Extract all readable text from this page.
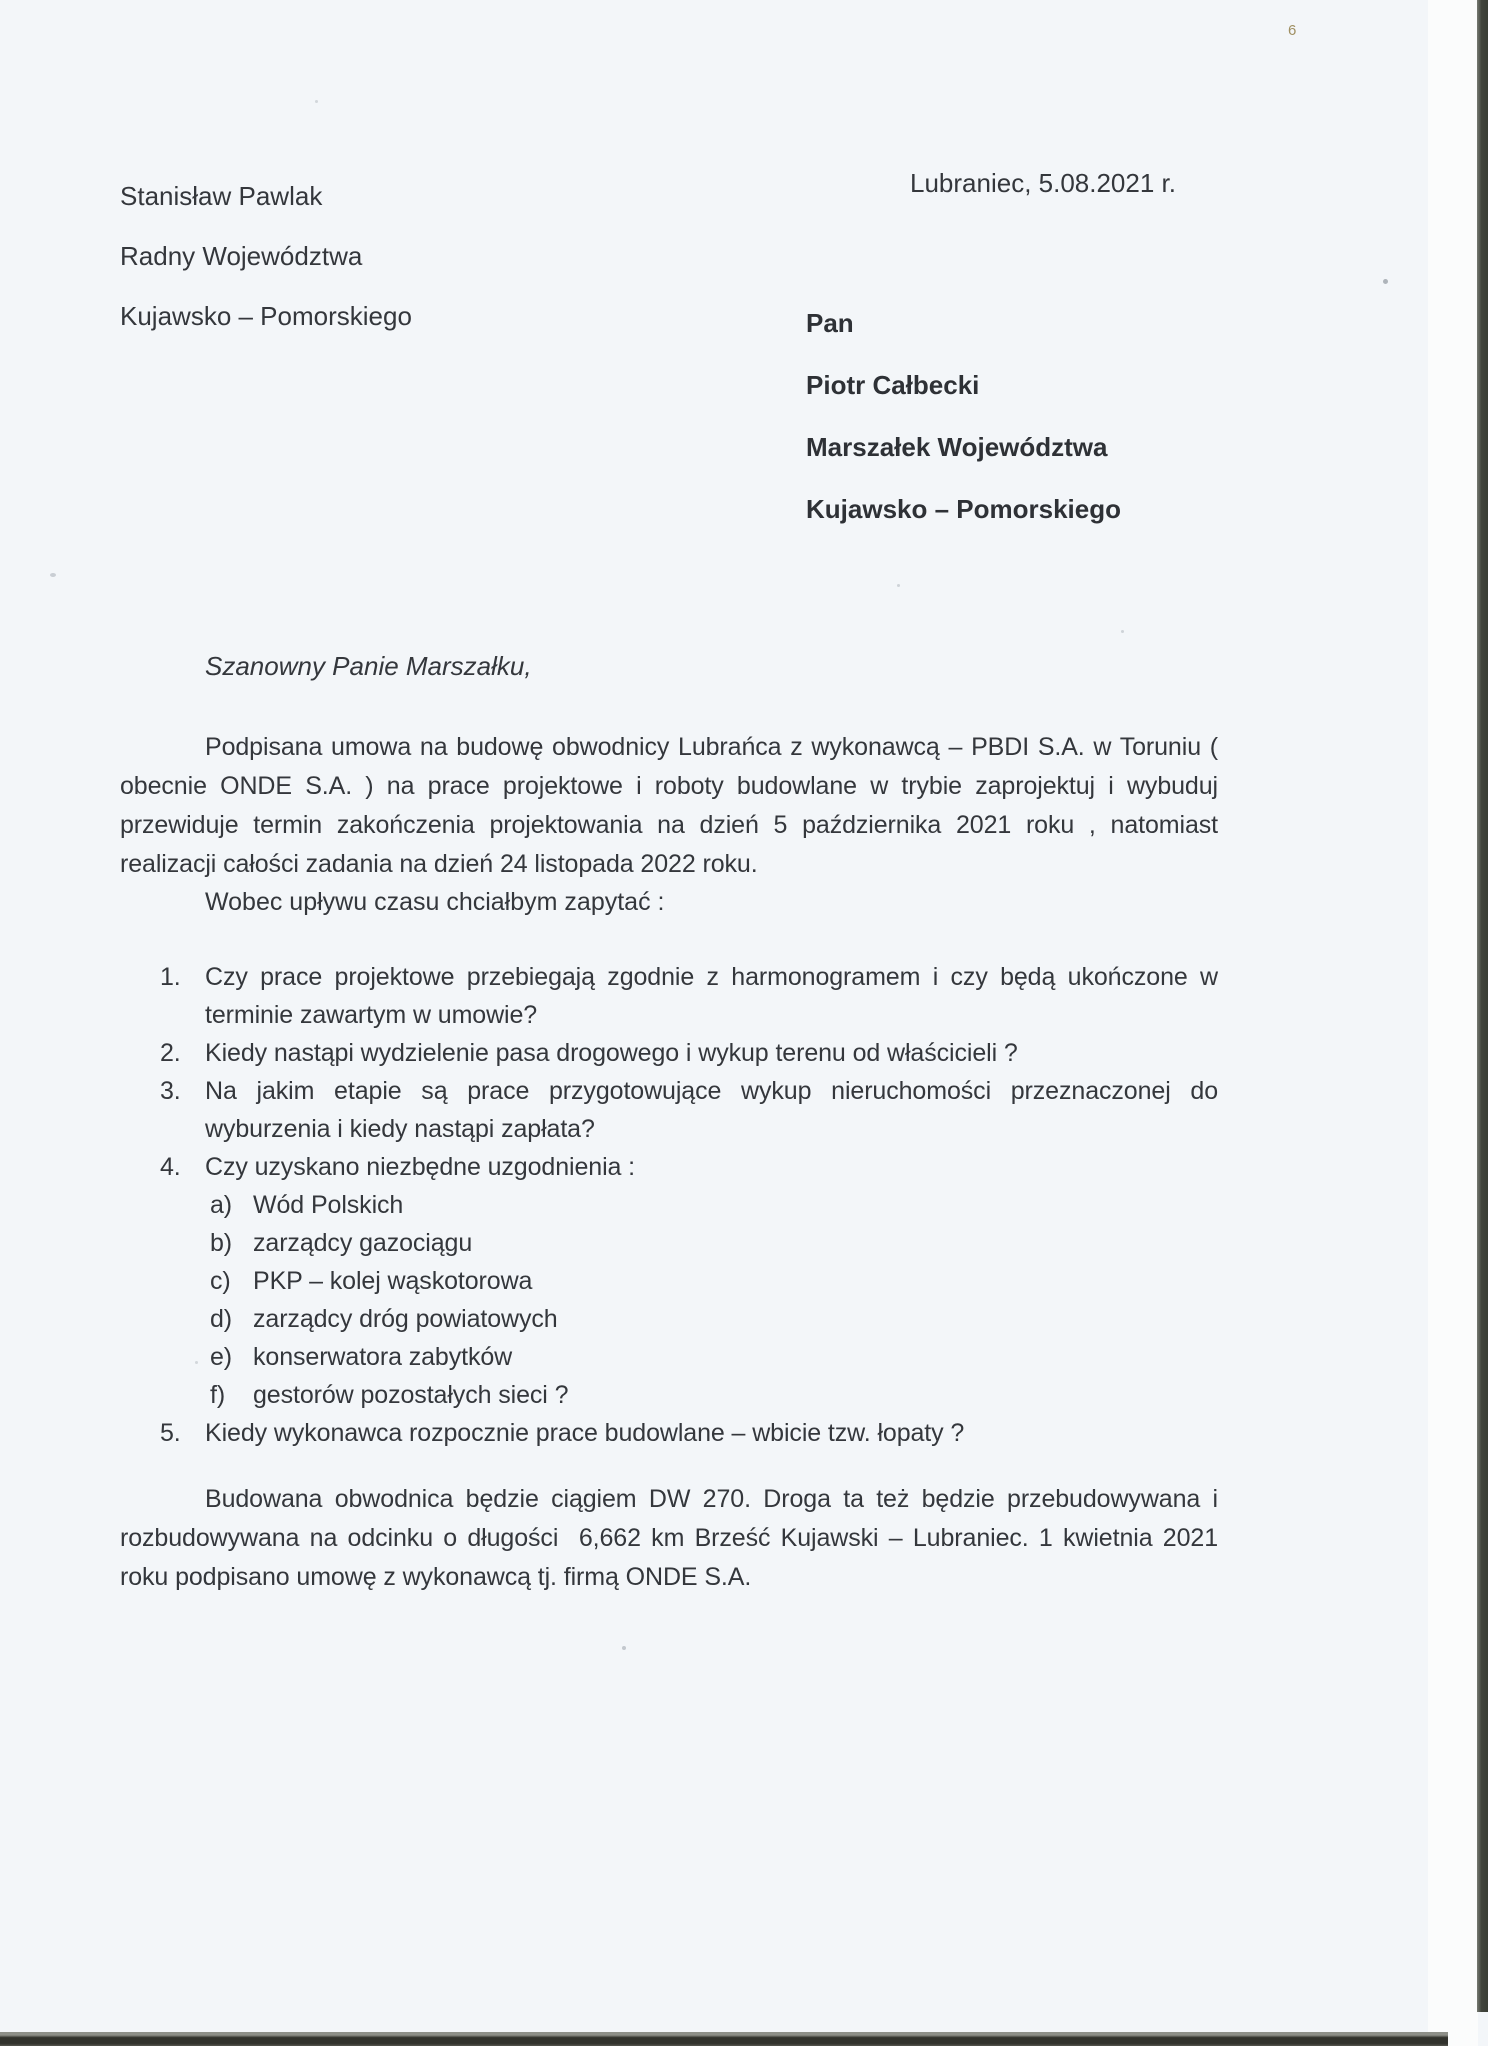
Stanisław Pawlak
Radny Województwa
Kujawsko – Pomorskiego
Lubraniec, 5.08.2021 r.
Pan
Piotr Całbecki
Marszałek Województwa
Kujawsko – Pomorskiego
Szanowny Panie Marszałku,
Podpisana umowa na budowę obwodnicy Lubrańca z wykonawcą – PBDI S.A. w Toruniu ( obecnie ONDE S.A. ) na prace projektowe i roboty budowlane w trybie zaprojektuj i wybuduj przewiduje termin zakończenia projektowania na dzień 5 października 2021 roku , natomiast realizacji całości zadania na dzień 24 listopada 2022 roku.
Wobec upływu czasu chciałbym zapytać :
1. Czy prace projektowe przebiegają zgodnie z harmonogramem i czy będą ukończone w terminie zawartym w umowie?
2. Kiedy nastąpi wydzielenie pasa drogowego i wykup terenu od właścicieli ?
3. Na jakim etapie są prace przygotowujące wykup nieruchomości przeznaczonej do wyburzenia i kiedy nastąpi zapłata?
4. Czy uzyskano niezbędne uzgodnienia :
a) Wód Polskich
b) zarządcy gazociągu
c) PKP – kolej wąskotorowa
d) zarządcy dróg powiatowych
e) konserwatora zabytków
f)	gestorów pozostałych sieci ?
5. Kiedy wykonawca rozpocznie prace budowlane – wbicie tzw. łopaty ?
Budowana obwodnica będzie ciągiem DW 270. Droga ta też będzie przebudowywana i rozbudowywana na odcinku o długości  6,662 km Brześć Kujawski – Lubraniec. 1 kwietnia 2021 roku podpisano umowę z wykonawcą tj. firmą ONDE S.A.
6
